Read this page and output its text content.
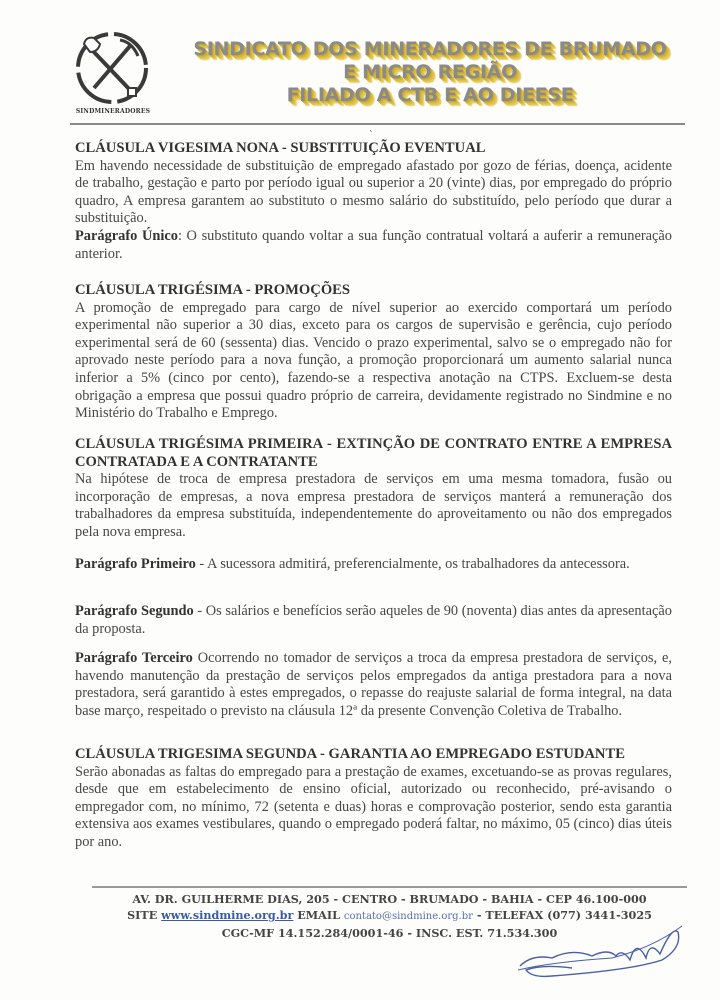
SINDMINERADORES
SINDICATO DOS MINERADORES DE BRUMADO
E MICRO REGIÃO
FILIADO A CTB E AO DIEESE
`

CLÁUSULA VIGESIMA NONA - SUBSTITUIÇÃO EVENTUAL

Em havendo necessidade de substituição de empregado afastado por gozo de férias, doença, acidente de trabalho, gestação e parto por período igual ou superior a 20 (vinte) dias, por empregado do próprio quadro, A empresa garantem ao substituto o mesmo salário do substituído, pelo período que durar a substituição.

Parágrafo Único: O substituto quando voltar a sua função contratual voltará a auferir a remuneração anterior.

CLÁUSULA TRIGÉSIMA - PROMOÇÕES

A promoção de empregado para cargo de nível superior ao exercido comportará um período experimental não superior a 30 dias, exceto para os cargos de supervisão e gerência, cujo período experimental será de 60 (sessenta) dias. Vencido o prazo experimental, salvo se o empregado não for aprovado neste período para a nova função, a promoção proporcionará um aumento salarial nunca inferior a 5% (cinco por cento), fazendo-se a respectiva anotação na CTPS. Excluem-se desta obrigação a empresa que possui quadro próprio de carreira, devidamente registrado no Sindmine e no Ministério do Trabalho e Emprego.

CLÁUSULA TRIGÉSIMA PRIMEIRA - EXTINÇÃO DE CONTRATO ENTRE A EMPRESA CONTRATADA E A CONTRATANTE

Na hipótese de troca de empresa prestadora de serviços em uma mesma tomadora, fusão ou incorporação de empresas, a nova empresa prestadora de serviços manterá a remuneração dos trabalhadores da empresa substituída, independentemente do aproveitamento ou não dos empregados pela nova empresa.

Parágrafo Primeiro - A sucessora admitirá, preferencialmente, os trabalhadores da antecessora.

Parágrafo Segundo - Os salários e benefícios serão aqueles de 90 (noventa) dias antes da apresentação da proposta.

Parágrafo Terceiro Ocorrendo no tomador de serviços a troca da empresa prestadora de serviços, e, havendo manutenção da prestação de serviços pelos empregados da antiga prestadora para a nova prestadora, será garantido à estes empregados, o repasse do reajuste salarial de forma integral, na data base março, respeitado o previsto na cláusula 12ª da presente Convenção Coletiva de Trabalho.

CLÁUSULA TRIGESIMA SEGUNDA - GARANTIA AO EMPREGADO ESTUDANTE

Serão abonadas as faltas do empregado para a prestação de exames, excetuando-se as provas regulares, desde que em estabelecimento de ensino oficial, autorizado ou reconhecido, pré-avisando o empregador com, no mínimo, 72 (setenta e duas) horas e comprovação posterior, sendo esta garantia extensiva aos exames vestibulares, quando o empregado poderá faltar, no máximo, 05 (cinco) dias úteis por ano.

AV. DR. GUILHERME DIAS, 205 - CENTRO - BRUMADO - BAHIA - CEP 46.100-000
SITE www.sindmine.org.br EMAIL contato@sindmine.org.br - TELEFAX (077) 3441-3025
CGC-MF 14.152.284/0001-46 - INSC. EST. 71.534.300
